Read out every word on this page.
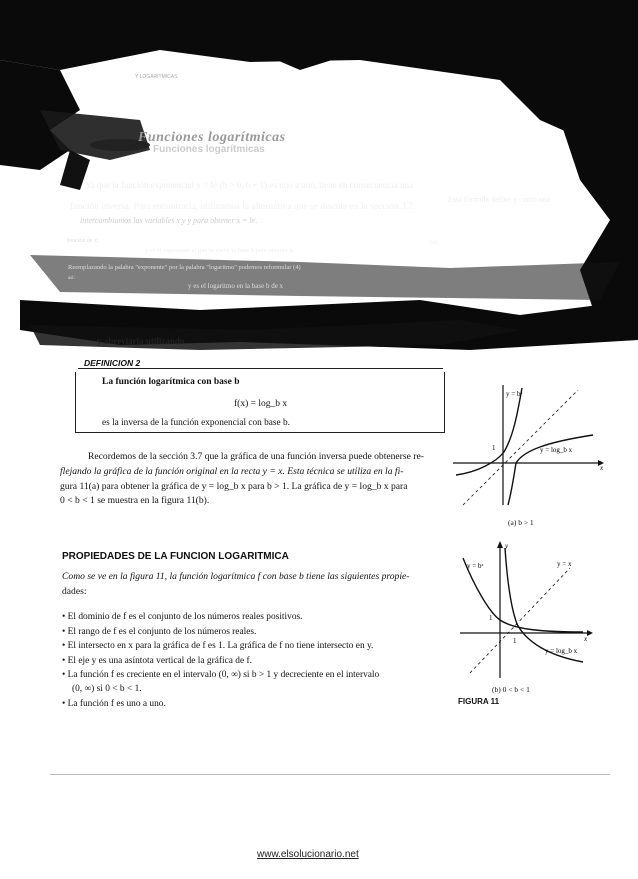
Y LOGARITMICAS
Funciones logarítmicas
Funciones logarítmicas
Ya que la función exponencial y = bˣ (b > 0, b ≠ 1) es uno a uno, tiene en consecuencia una
función inversa. Para encontrarla, utilizamos la alternativa que se discute en la sección 3.7:
Esta fórmula define y como una
intercambiamos las variables x y y para obtener x = bʸ.
función de x:
y es el exponente al que se eleva la base b para obtener x.
(4)
Reemplazando la palabra "exponente" por la palabra "logaritmo" podemos reformular (4)
así:
y es el logaritmo en la base b de x
y abreviarla utilizando
DEFINICION 2
La función logarítmica con base b
f(x) = log_b x
es la inversa de la función exponencial con base b.
Recordemos de la sección 3.7 que la gráfica de una función inversa puede obtenerse re-
flejando la gráfica de la función original en la recta y = x. Esta técnica se utiliza en la fi-
gura 11(a) para obtener la gráfica de y = log_b x para b > 1. La gráfica de y = log_b x para
0 < b < 1 se muestra en la figura 11(b).
PROPIEDADES DE LA FUNCION LOGARITMICA
Como se ve en la figura 11, la función logarítmica f con base b tiene las siguientes propie-
dades:
• El dominio de f es el conjunto de los números reales positivos.
• El rango de f es el conjunto de los números reales.
• El intersecto en x para la gráfica de f es 1. La gráfica de f no tiene intersecto en y.
• El eje y es una asíntota vertical de la gráfica de f.
• La función f es creciente en el intervalo (0, ∞) si b > 1 y decreciente en el intervalo
(0, ∞) si 0 < b < 1.
• La función f es uno a uno.
y = bˣ
y = log_b x
1
x
(a) b > 1
y = bˣ	y = x
y = log_b x
1
1
y
x
(b) 0 < b < 1
FIGURA 11
www.elsolucionario.net
